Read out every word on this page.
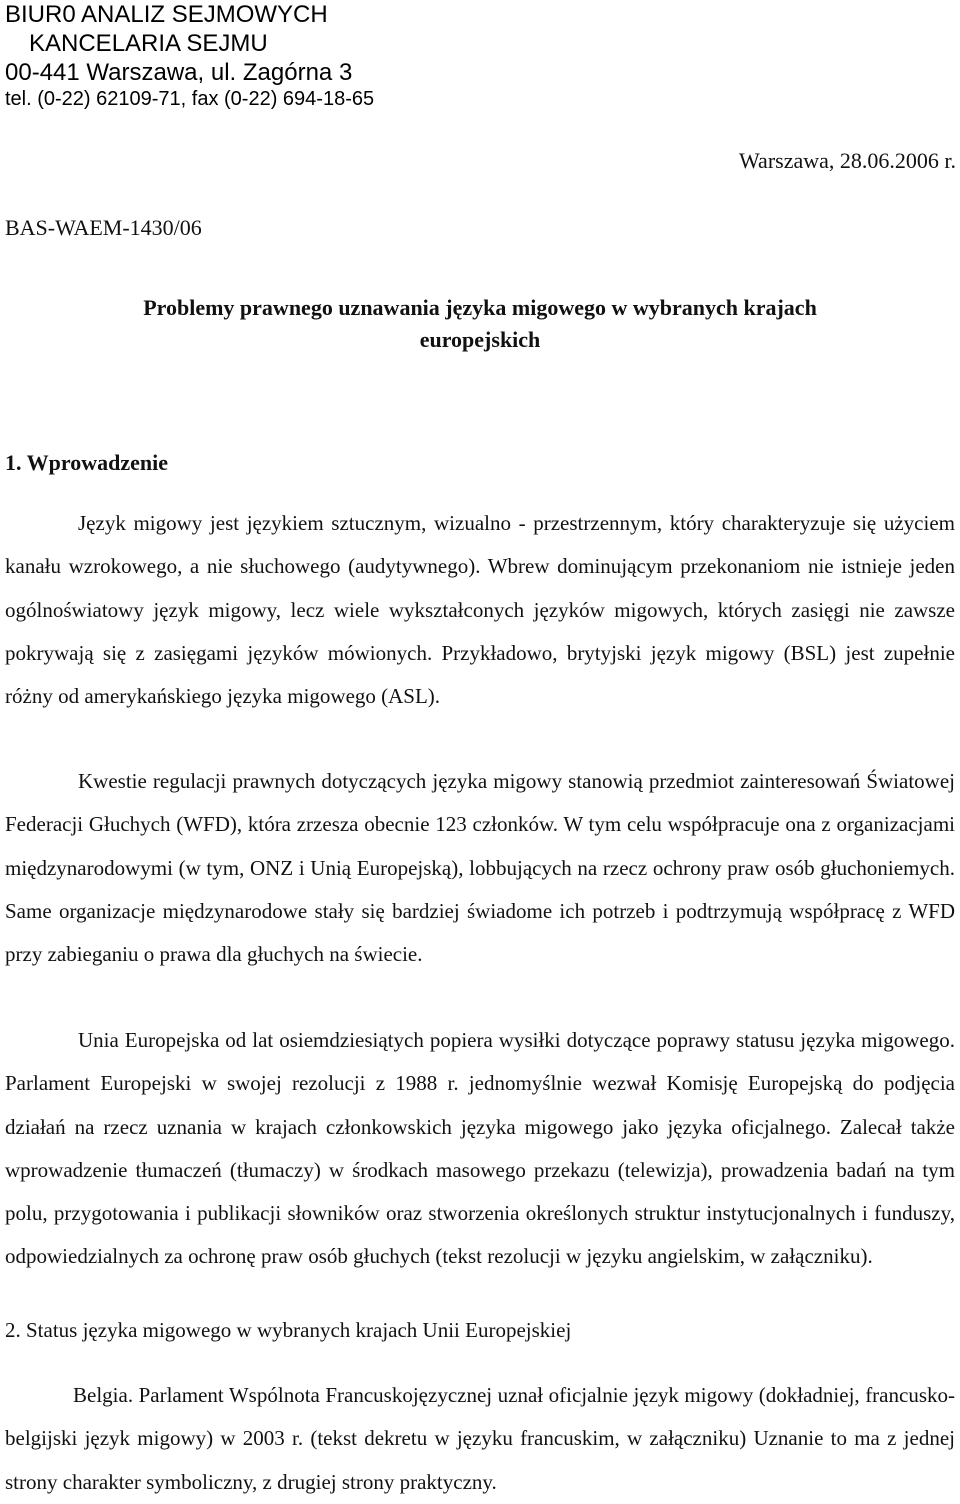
BIUR0 ANALIZ SEJMOWYCH
KANCELARIA SEJMU
00-441 Warszawa, ul. Zagórna 3
tel. (0-22) 62109-71, fax (0-22) 694-18-65
Warszawa, 28.06.2006 r.
BAS-WAEM-1430/06
Problemy prawnego uznawania języka migowego w wybranych krajach
europejskich
1. Wprowadzenie

Język migowy jest językiem sztucznym, wizualno - przestrzennym, który charakteryzuje się użyciem kanału wzrokowego, a nie słuchowego (audytywnego). Wbrew dominującym przekonaniom nie istnieje jeden ogólnoświatowy język migowy, lecz wiele wykształconych języków migowych, których zasięgi nie zawsze pokrywają się z zasięgami języków mówionych. Przykładowo, brytyjski język migowy (BSL) jest zupełnie różny od amerykańskiego języka migowego (ASL).

Kwestie regulacji prawnych dotyczących języka migowy stanowią przedmiot zainteresowań Światowej Federacji Głuchych (WFD), która zrzesza obecnie 123 członków. W tym celu współpracuje ona z organizacjami międzynarodowymi (w tym, ONZ i Unią Europejską), lobbujących na rzecz ochrony praw osób głuchoniemych. Same organizacje międzynarodowe stały się bardziej świadome ich potrzeb i podtrzymują współpracę z WFD przy zabieganiu o prawa dla głuchych na świecie.

Unia Europejska od lat osiemdziesiątych popiera wysiłki dotyczące poprawy statusu języka migowego. Parlament Europejski w swojej rezolucji z 1988 r. jednomyślnie wezwał Komisję Europejską do podjęcia działań na rzecz uznania w krajach członkowskich języka migowego jako języka oficjalnego. Zalecał także wprowadzenie tłumaczeń (tłumaczy) w środkach masowego przekazu (telewizja), prowadzenia badań na tym polu, przygotowania i publikacji słowników oraz stworzenia określonych struktur instytucjonalnych i funduszy, odpowiedzialnych za ochronę praw osób głuchych (tekst rezolucji w języku angielskim, w załączniku).

2. Status języka migowego w wybranych krajach Unii Europejskiej

Belgia. Parlament Wspólnota Francuskojęzycznej uznał oficjalnie język migowy (dokładniej, francusko-belgijski język migowy) w 2003 r. (tekst dekretu w języku francuskim, w załączniku) Uznanie to ma z jednej strony charakter symboliczny, z drugiej strony praktyczny.
